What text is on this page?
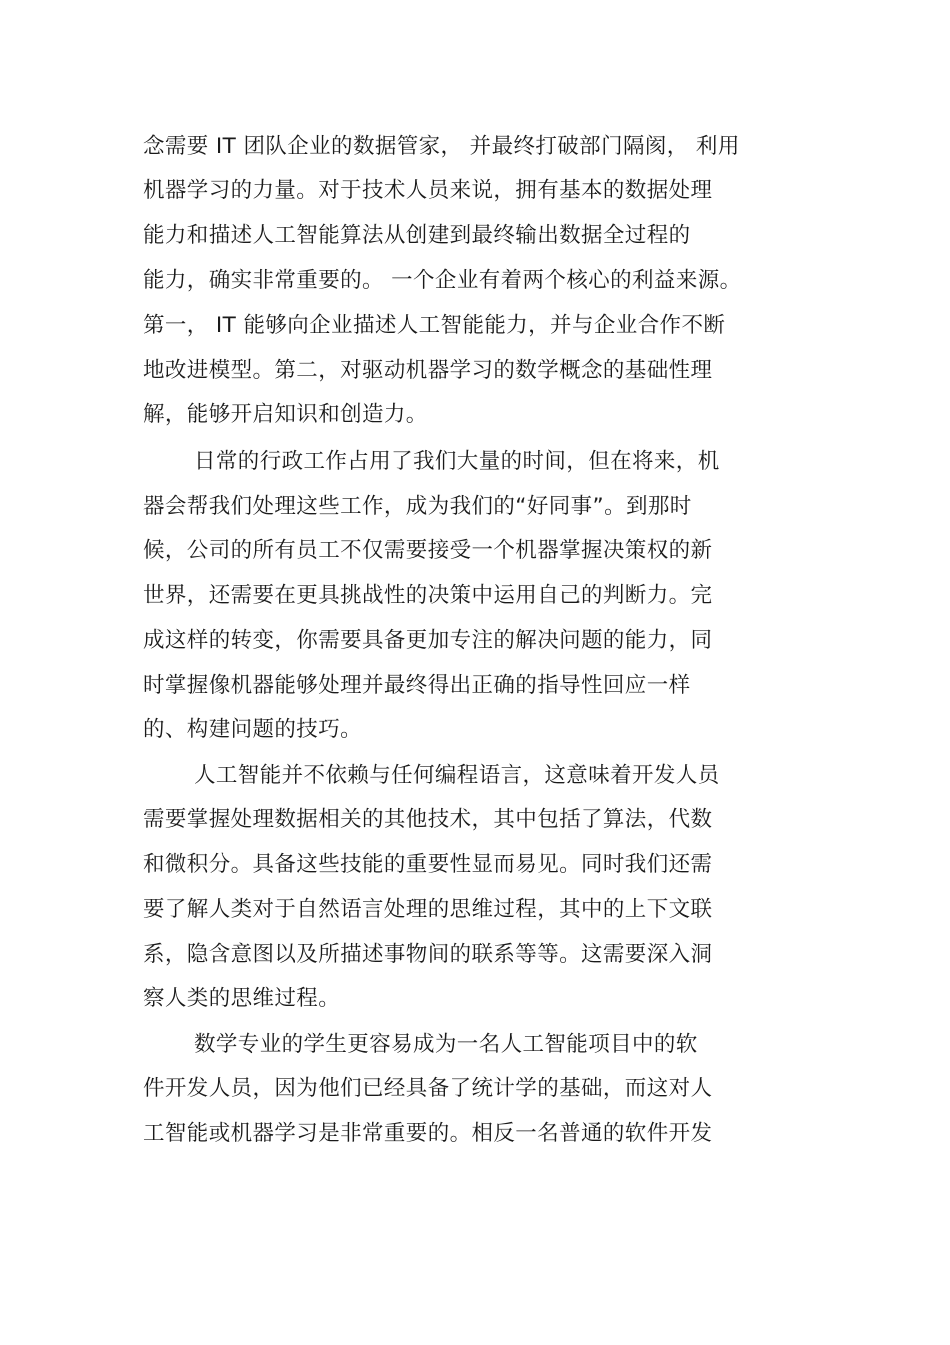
念需要 IT 团队企业的数据管家， 并最终打破部门隔阂， 利用
机器学习的力量。对于技术人员来说，拥有基本的数据处理
能力和描述人工智能算法从创建到最终输出数据全过程的
能力，确实非常重要的。 一个企业有着两个核心的利益来源。
第一， IT 能够向企业描述人工智能能力，并与企业合作不断
地改进模型。第二，对驱动机器学习的数学概念的基础性理
解，能够开启知识和创造力。
日常的行政工作占用了我们大量的时间，但在将来，机
器会帮我们处理这些工作，成为我们的“好同事”。到那时
候，公司的所有员工不仅需要接受一个机器掌握决策权的新
世界，还需要在更具挑战性的决策中运用自己的判断力。完
成这样的转变，你需要具备更加专注的解决问题的能力，同
时掌握像机器能够处理并最终得出正确的指导性回应一样
的、构建问题的技巧。
人工智能并不依赖与任何编程语言，这意味着开发人员
需要掌握处理数据相关的其他技术，其中包括了算法，代数
和微积分。具备这些技能的重要性显而易见。同时我们还需
要了解人类对于自然语言处理的思维过程，其中的上下文联
系，隐含意图以及所描述事物间的联系等等。这需要深入洞
察人类的思维过程。
数学专业的学生更容易成为一名人工智能项目中的软
件开发人员，因为他们已经具备了统计学的基础，而这对人
工智能或机器学习是非常重要的。相反一名普通的软件开发
